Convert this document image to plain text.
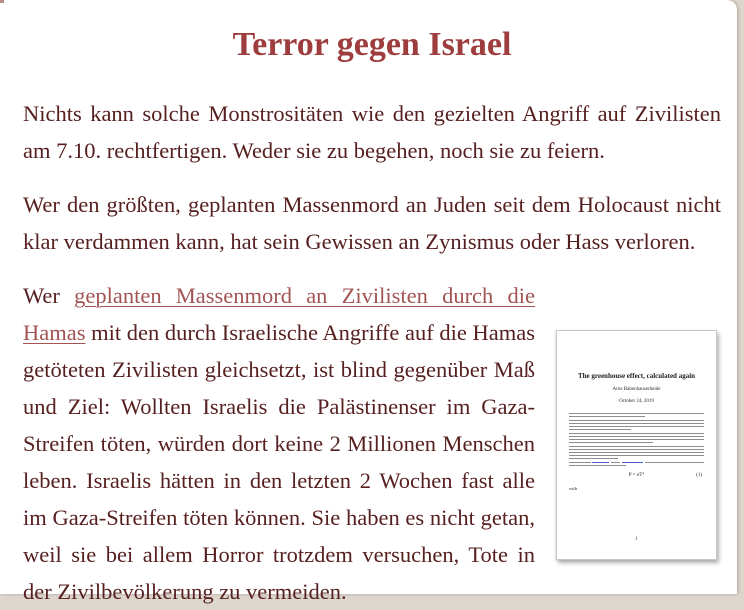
Terror gegen Israel

Nichts kann solche Monstrositäten wie den gezielten Angriff auf Zivilisten am 7.10. rechtfertigen. Weder sie zu begehen, noch sie zu feiern.

Wer den größten, geplanten Massenmord an Juden seit dem Holocaust nicht klar verdammen kann, hat sein Gewissen an Zynismus oder Hass verloren.

Wer geplanten Massenmord an Zivilisten durch die Hamas mit den durch Israelische Angriffe auf die Hamas getöteten Zivilisten gleichsetzt, ist blind gegenüber Maß und Ziel: Wollten Israelis die Palästinenser im Gaza-Streifen töten, würden dort keine 2 Millionen Menschen leben. Israelis hätten in den letzten 2 Wochen fast alle im Gaza-Streifen töten können. Sie haben es nicht getan, weil sie bei allem Horror trotzdem versuchen, Tote in der Zivilbevölkerung zu vermeiden.

The greenhouse effect, calculated again
Arne Babenhauserheide
October 24, 2019
P = σT⁴	(1)
with
1
